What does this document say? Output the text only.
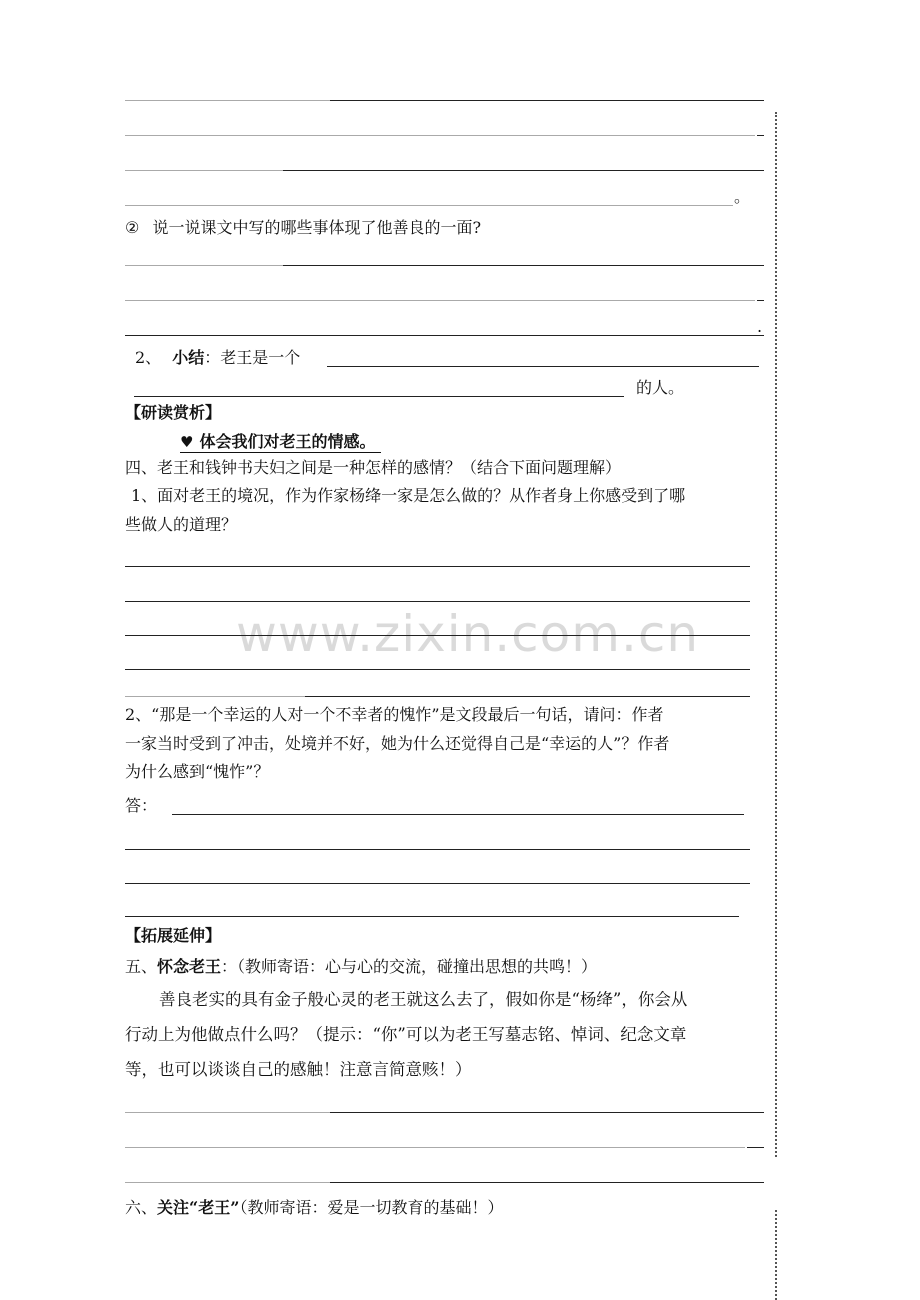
www.zixin.com.cn
。
② 说一说课文中写的哪些事体现了他善良的一面?
.
2、 小结：老王是一个
的人。
【研读赏析】
♥ 体会我们对老王的情感。
四、老王和钱钟书夫妇之间是一种怎样的感情？（结合下面问题理解）
1、面对老王的境况，作为作家杨绛一家是怎么做的？从作者身上你感受到了哪
些做人的道理？
2、“那是一个幸运的人对一个不幸者的愧怍”是文段最后一句话，请问：作者
一家当时受到了冲击，处境并不好，她为什么还觉得自己是“幸运的人”？作者
为什么感到“愧怍”？
答：
【拓展延伸】
五、怀念老王：（教师寄语：心与心的交流，碰撞出思想的共鸣！）
善良老实的具有金子般心灵的老王就这么去了，假如你是“杨绛”，你会从
行动上为他做点什么吗？（提示：“你”可以为老王写墓志铭、悼词、纪念文章
等，也可以谈谈自己的感触！注意言简意赅！）
六、关注“老王”（教师寄语：爱是一切教育的基础！）
